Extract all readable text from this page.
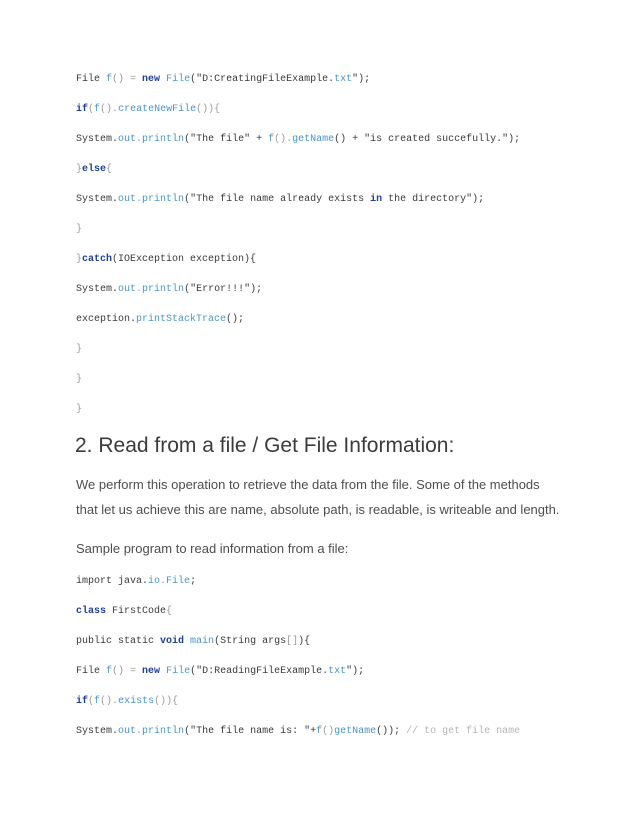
File f() = new File("D:CreatingFileExample.txt");
if(f().createNewFile()){
System.out.println("The file" + f().getName() + "is created succefully.");
}else{
System.out.println("The file name already exists in the directory");
}
}catch(IOException exception){
System.out.println("Error!!!");
exception.printStackTrace();
}
}
}
2. Read from a file / Get File Information:
We perform this operation to retrieve the data from the file. Some of the methods
that let us achieve this are name, absolute path, is readable, is writeable and length.
Sample program to read information from a file:
import java.io.File;
class FirstCode{
public static void main(String args[]){
File f() = new File("D:ReadingFileExample.txt");
if(f().exists()){
System.out.println("The file name is: "+f()getName()); // to get file name
